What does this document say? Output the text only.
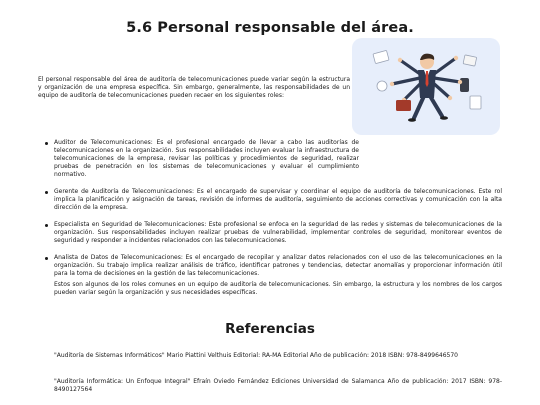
5.6 Personal responsable del área.

El personal responsable del área de auditoría de telecomunicaciones puede variar según la estructura y organización de una empresa específica. Sin embargo, generalmente, las responsabilidades de un equipo de auditoría de telecomunicaciones pueden recaer en los siguientes roles:

Auditor de Telecomunicaciones: Es el profesional encargado de llevar a cabo las auditorías de telecomunicaciones en la organización. Sus responsabilidades incluyen evaluar la infraestructura de telecomunicaciones de la empresa, revisar las políticas y procedimientos de seguridad, realizar pruebas de penetración en los sistemas de telecomunicaciones y evaluar el cumplimiento normativo.
Gerente de Auditoría de Telecomunicaciones: Es el encargado de supervisar y coordinar el equipo de auditoría de telecomunicaciones. Este rol implica la planificación y asignación de tareas, revisión de informes de auditoría, seguimiento de acciones correctivas y comunicación con la alta dirección de la empresa.
Especialista en Seguridad de Telecomunicaciones: Este profesional se enfoca en la seguridad de las redes y sistemas de telecomunicaciones de la organización. Sus responsabilidades incluyen realizar pruebas de vulnerabilidad, implementar controles de seguridad, monitorear eventos de seguridad y responder a incidentes relacionados con las telecomunicaciones.
Analista de Datos de Telecomunicaciones: Es el encargado de recopilar y analizar datos relacionados con el uso de las telecomunicaciones en la organización. Su trabajo implica realizar análisis de tráfico, identificar patrones y tendencias, detectar anomalías y proporcionar información útil para la toma de decisiones en la gestión de las telecomunicaciones.

Estos son algunos de los roles comunes en un equipo de auditoría de telecomunicaciones. Sin embargo, la estructura y los nombres de los cargos pueden variar según la organización y sus necesidades específicas.

Referencias

"Auditoría de Sistemas Informáticos" Mario Piattini Velthuis Editorial: RA-MA Editorial Año de publicación: 2018 ISBN: 978-8499646570

"Auditoría Informática: Un Enfoque Integral" Efraín Oviedo Fernández Ediciones Universidad de Salamanca Año de publicación: 2017 ISBN: 978-8490127564
